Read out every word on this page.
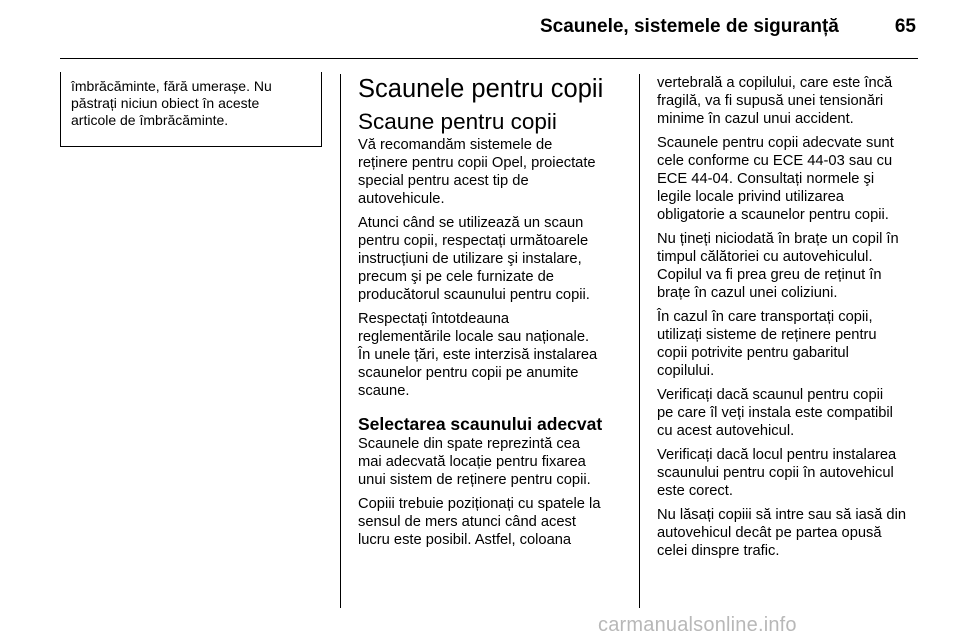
Scaunele, sistemele de siguranță	65
îmbrăcăminte, fără umerașe. Nu
păstrați niciun obiect în aceste
articole de îmbrăcăminte.
Scaunele pentru copii
Scaune pentru copii
Vă recomandăm sistemele de
reținere pentru copii Opel, proiectate
special pentru acest tip de
autovehicule.
Atunci când se utilizează un scaun
pentru copii, respectați următoarele
instrucțiuni de utilizare şi instalare,
precum şi pe cele furnizate de
producătorul scaunului pentru copii.
Respectați întotdeauna
reglementările locale sau naționale.
În unele țări, este interzisă instalarea
scaunelor pentru copii pe anumite
scaune.
Selectarea scaunului adecvat
Scaunele din spate reprezintă cea
mai adecvată locație pentru fixarea
unui sistem de reținere pentru copii.
Copiii trebuie poziționați cu spatele la
sensul de mers atunci când acest
lucru este posibil. Astfel, coloana
vertebrală a copilului, care este încă
fragilă, va fi supusă unei tensionări
minime în cazul unui accident.
Scaunele pentru copii adecvate sunt
cele conforme cu ECE 44-03 sau cu
ECE 44-04. Consultați normele şi
legile locale privind utilizarea
obligatorie a scaunelor pentru copii.
Nu țineți niciodată în brațe un copil în
timpul călătoriei cu autovehiculul.
Copilul va fi prea greu de reținut în
brațe în cazul unei coliziuni.
În cazul în care transportați copii,
utilizați sisteme de reținere pentru
copii potrivite pentru gabaritul
copilului.
Verificați dacă scaunul pentru copii
pe care îl veți instala este compatibil
cu acest autovehicul.
Verificați dacă locul pentru instalarea
scaunului pentru copii în autovehicul
este corect.
Nu lăsați copiii să intre sau să iasă din
autovehicul decât pe partea opusă
celei dinspre trafic.
carmanualsonline.info
